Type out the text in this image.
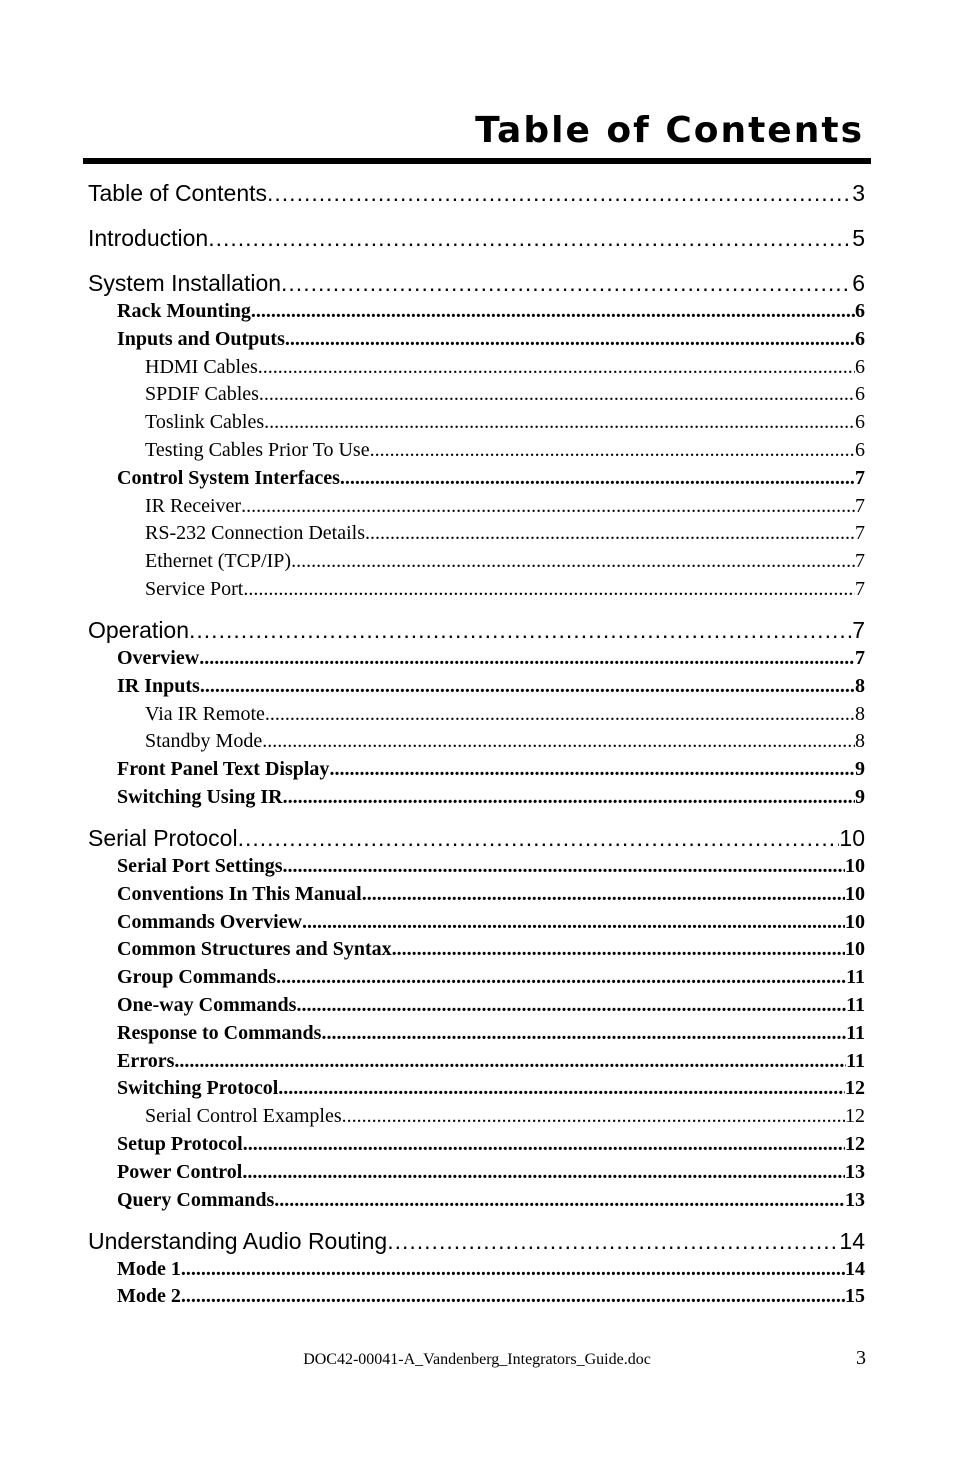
Table of Contents
Table of Contents .....	3
Introduction .....	5
System Installation .....	6
Rack Mounting .....	6
Inputs and Outputs .....	6
HDMI Cables .....	6
SPDIF Cables .....	6
Toslink Cables .....	6
Testing Cables Prior To Use .....	6
Control System Interfaces .....	7
IR Receiver .....	7
RS-232 Connection Details .....	7
Ethernet (TCP/IP) .....	7
Service Port .....	7
Operation .....	7
Overview .....	7
IR Inputs .....	8
Via IR Remote .....	8
Standby Mode .....	8
Front Panel Text Display .....	9
Switching Using IR .....	9
Serial Protocol .....	10
Serial Port Settings .....	10
Conventions In This Manual .....	10
Commands Overview .....	10
Common Structures and Syntax .....	10
Group Commands .....	11
One-way Commands .....	11
Response to Commands .....	11
Errors .....	11
Switching Protocol .....	12
Serial Control Examples .....	12
Setup Protocol .....	12
Power Control .....	13
Query Commands .....	13
Understanding Audio Routing .....	14
Mode 1 .....	14
Mode 2 .....	15
DOC42-00041-A_Vandenberg_Integrators_Guide.doc	3
